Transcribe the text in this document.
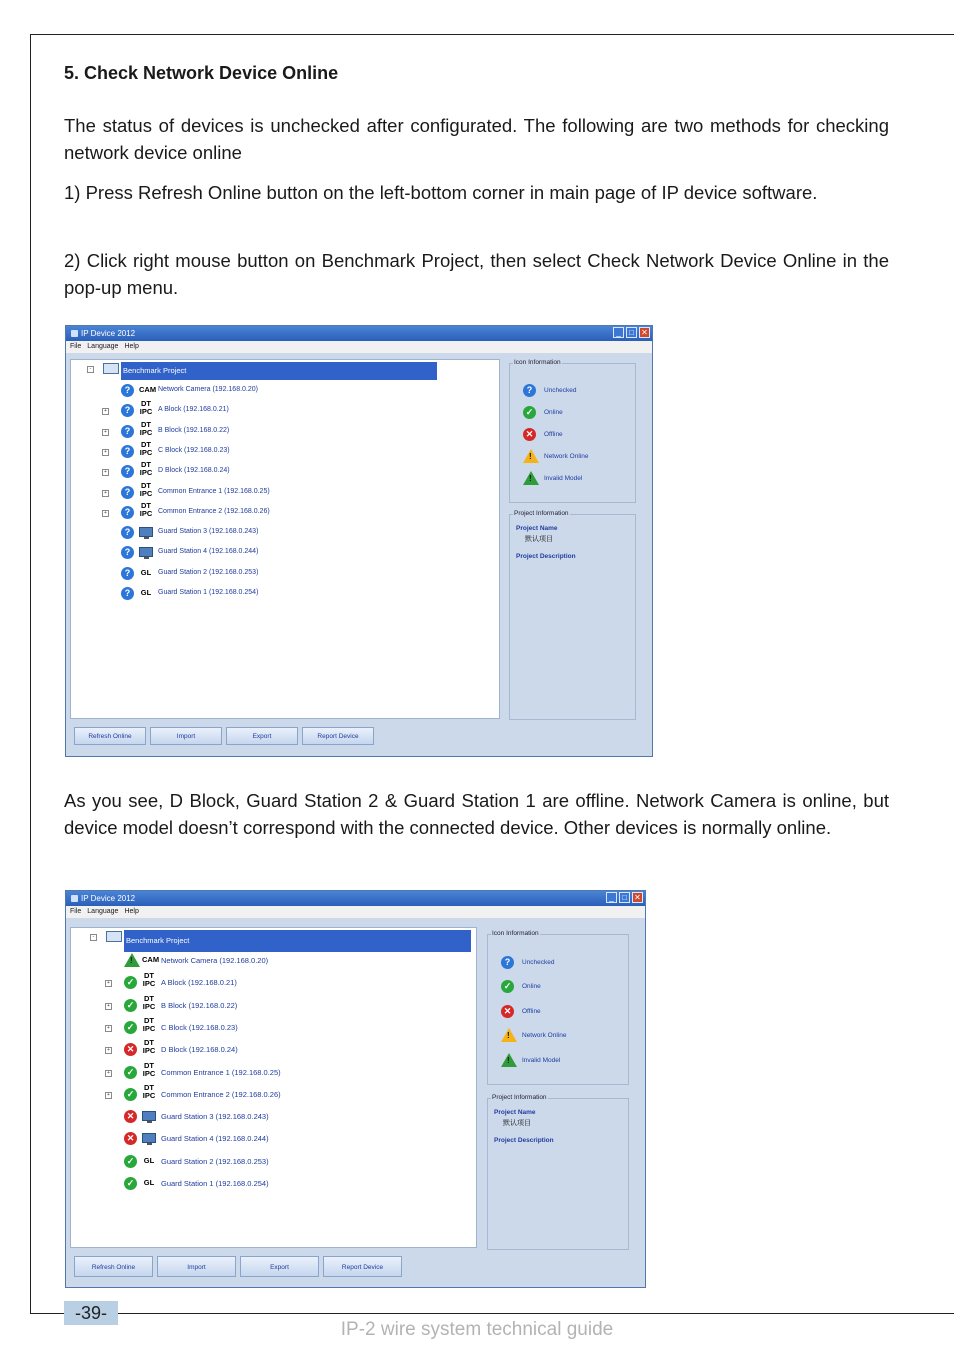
5. Check Network Device Online

The status of devices is unchecked after configurated. The following are two methods for checking network device online

1) Press Refresh Online button on the left-bottom corner in main page of IP device software.

2) Click right mouse button on Benchmark Project, then select Check Network Device Online in the pop-up menu.

IP Device 2012	_ □ ✕
File Language Help
-	Benchmark Project
?	CAM Network Camera (192.168.0.20)
+	?
DT
IPC A Block (192.168.0.21)
+	?
DT
IPC B Block (192.168.0.22)
+	?
DT
IPC C Block (192.168.0.23)
+	?
DT
IPC D Block (192.168.0.24)
+	?
DT
IPC Common Entrance 1 (192.168.0.25)
+	?
DT
IPC Common Entrance 2 (192.168.0.26)
?	Guard Station 3 (192.168.0.243)
?	Guard Station 4 (192.168.0.244)
?	GL Guard Station 2 (192.168.0.253)
?	GL Guard Station 1 (192.168.0.254)
Icon Information
?	Unchecked
✓	Online
✕	Offline
! Network Online
! Invalid Model
Project Information
Project Name
默认项目
Project Description
Refresh Online	Import	Export	Report Device

As you see, D Block, Guard Station 2 & Guard Station 1 are offline. Network Camera is online, but device model doesn’t correspond with the connected device. Other devices is normally online.

IP Device 2012	_ □ ✕
File Language Help
-	Benchmark Project
! CAM Network Camera (192.168.0.20)
+	✓
DT
IPC A Block (192.168.0.21)
+	✓
DT
IPC B Block (192.168.0.22)
+	✓
DT
IPC C Block (192.168.0.23)
+	✕
DT
IPC D Block (192.168.0.24)
+	✓
DT
IPC Common Entrance 1 (192.168.0.25)
+	✓
DT
IPC Common Entrance 2 (192.168.0.26)
✕	Guard Station 3 (192.168.0.243)
✕	Guard Station 4 (192.168.0.244)
✓	GL Guard Station 2 (192.168.0.253)
✓	GL Guard Station 1 (192.168.0.254)
Icon Information
?	Unchecked
✓	Online
✕	Offline
! Network Online
! Invalid Model
Project Information
Project Name
默认项目
Project Description
Refresh Online	Import	Export	Report Device
-39-
IP-2 wire system technical guide
